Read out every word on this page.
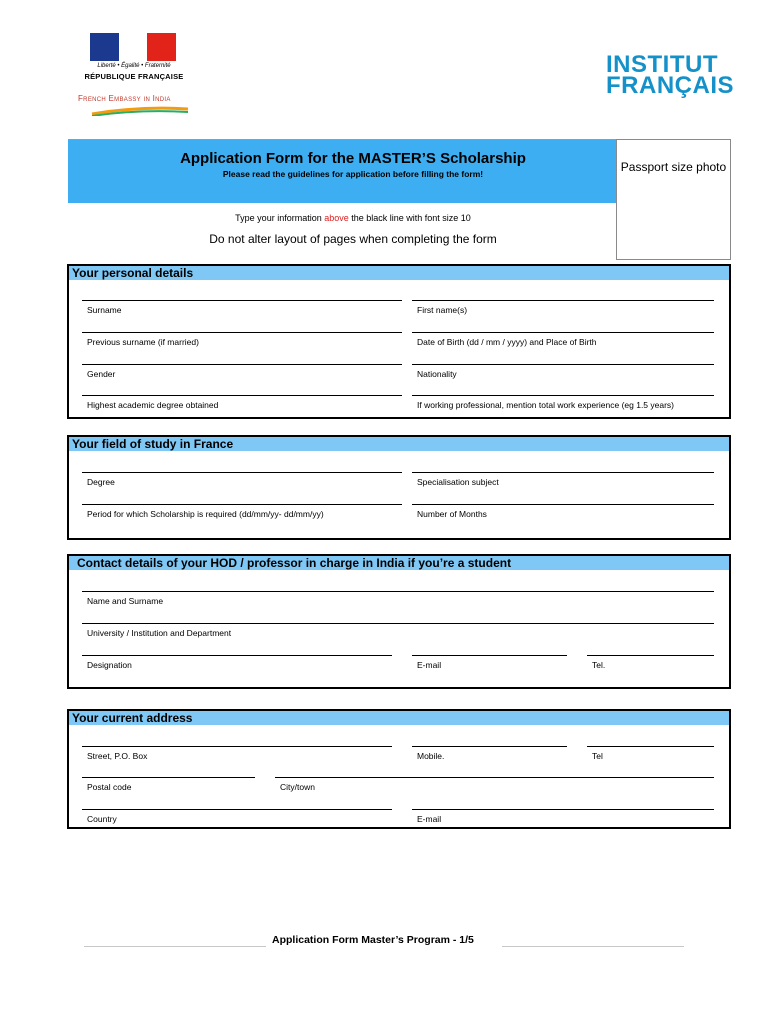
Liberté • Égalité • Fraternité
RÉPUBLIQUE FRANÇAISE
French Embassy in India
INSTITUT
FRANÇAIS
Application Form for the MASTER’S Scholarship
Please read the guidelines for application before filling the form!	Passport size photo
Type your information above the black line with font size 10
Do not alter layout of pages when completing the form
Your personal details
Surname	First name(s)
Previous surname (if married)	Date of Birth (dd / mm / yyyy) and Place of Birth
Gender	Nationality
Highest academic degree obtained	If working professional, mention total work experience (eg 1.5 years)
Your field of study in France
Degree	Specialisation subject
Period for which Scholarship is required (dd/mm/yy- dd/mm/yy)	Number of Months
Contact details of your HOD / professor in charge in India if you’re a student
Name and Surname
University / Institution and Department
Designation	E-mail	Tel.
Your current address
Street, P.O. Box	Mobile.	Tel
Postal code	City/town
Country	E-mail
Application Form Master’s Program - 1/5
